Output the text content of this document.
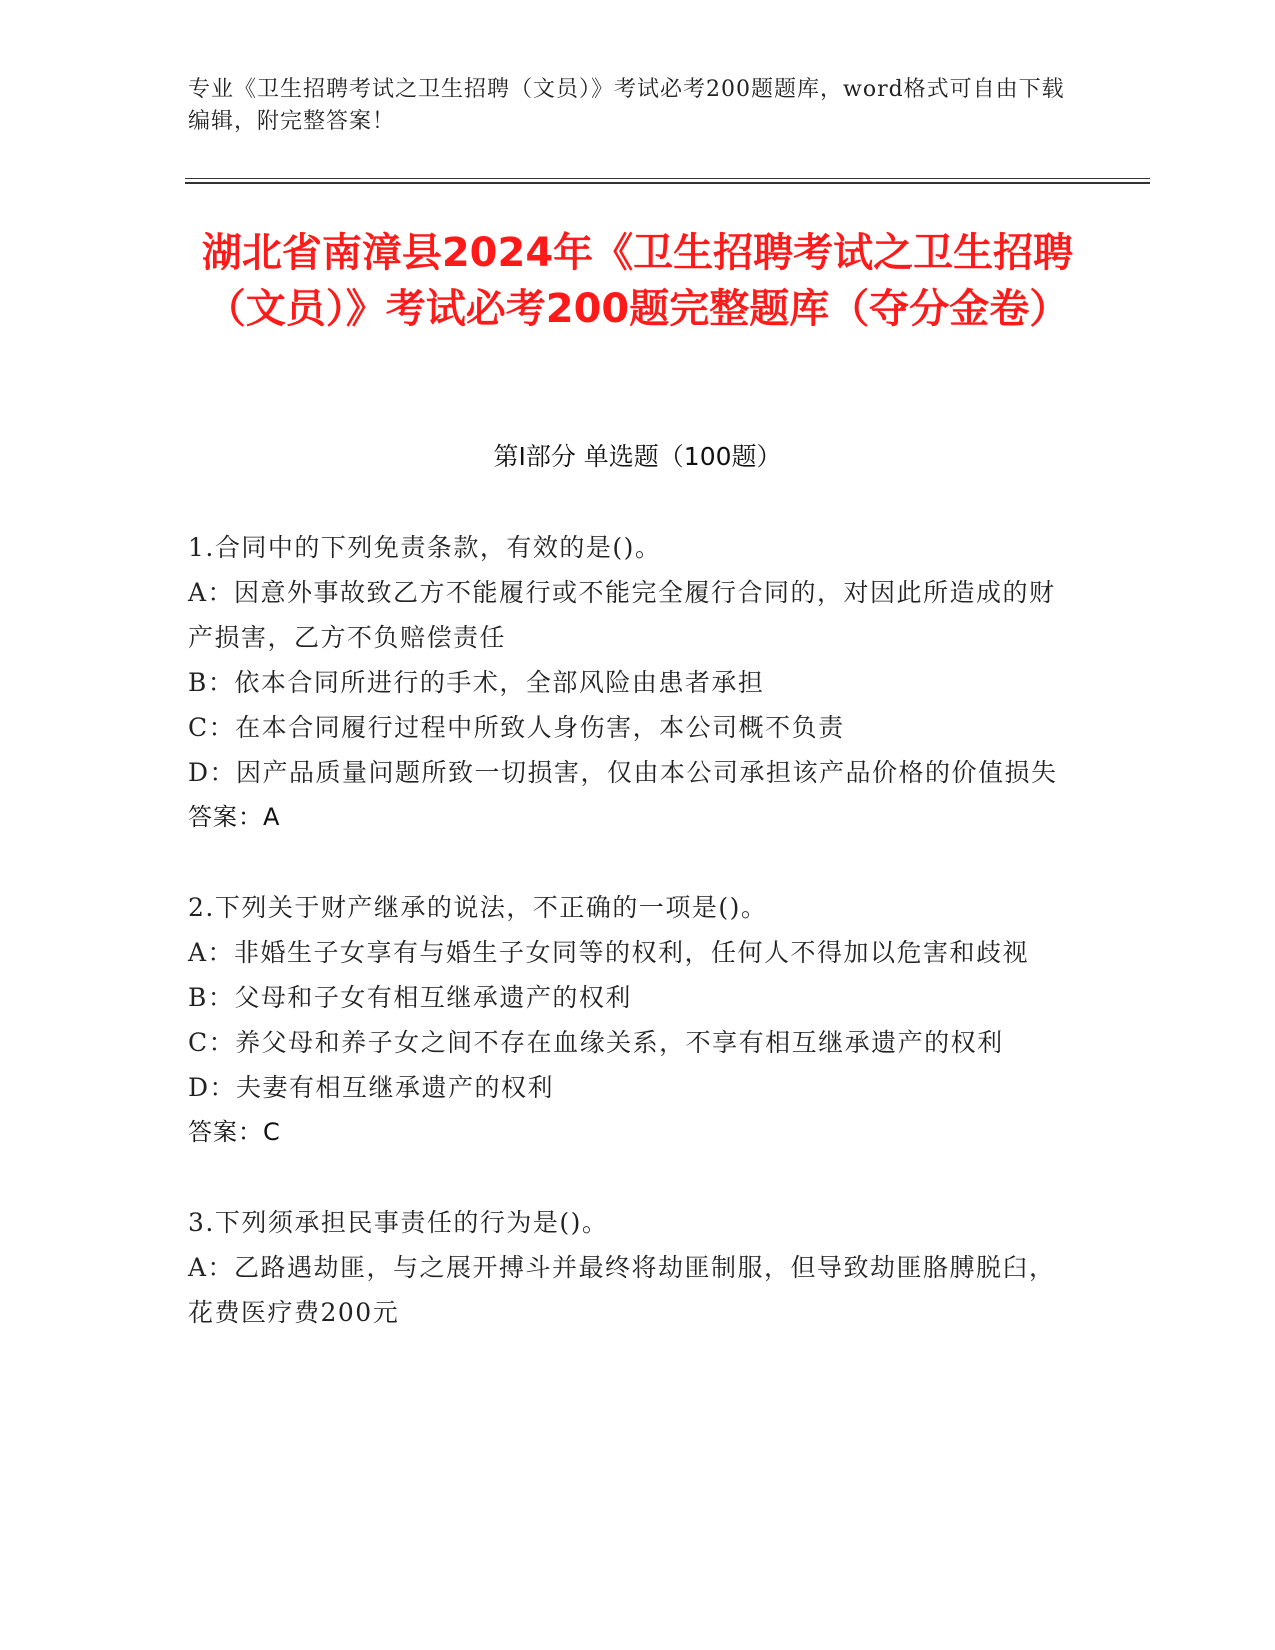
专业《卫生招聘考试之卫生招聘（文员）》考试必考200题题库，word格式可自由下载编辑，附完整答案！
湖北省南漳县2024年《卫生招聘考试之卫生招聘（文员）》考试必考200题完整题库（夺分金卷）
第Ⅰ部分 单选题（100题）

1.合同中的下列免责条款，有效的是()。

A：因意外事故致乙方不能履行或不能完全履行合同的，对因此所造成的财产损害，乙方不负赔偿责任

B：依本合同所进行的手术，全部风险由患者承担

C：在本合同履行过程中所致人身伤害，本公司概不负责

D：因产品质量问题所致一切损害，仅由本公司承担该产品价格的价值损失

答案：A

2.下列关于财产继承的说法，不正确的一项是()。

A：非婚生子女享有与婚生子女同等的权利，任何人不得加以危害和歧视

B：父母和子女有相互继承遗产的权利

C：养父母和养子女之间不存在血缘关系，不享有相互继承遗产的权利

D：夫妻有相互继承遗产的权利

答案：C

3.下列须承担民事责任的行为是()。

A：乙路遇劫匪，与之展开搏斗并最终将劫匪制服，但导致劫匪胳膊脱臼，花费医疗费200元
